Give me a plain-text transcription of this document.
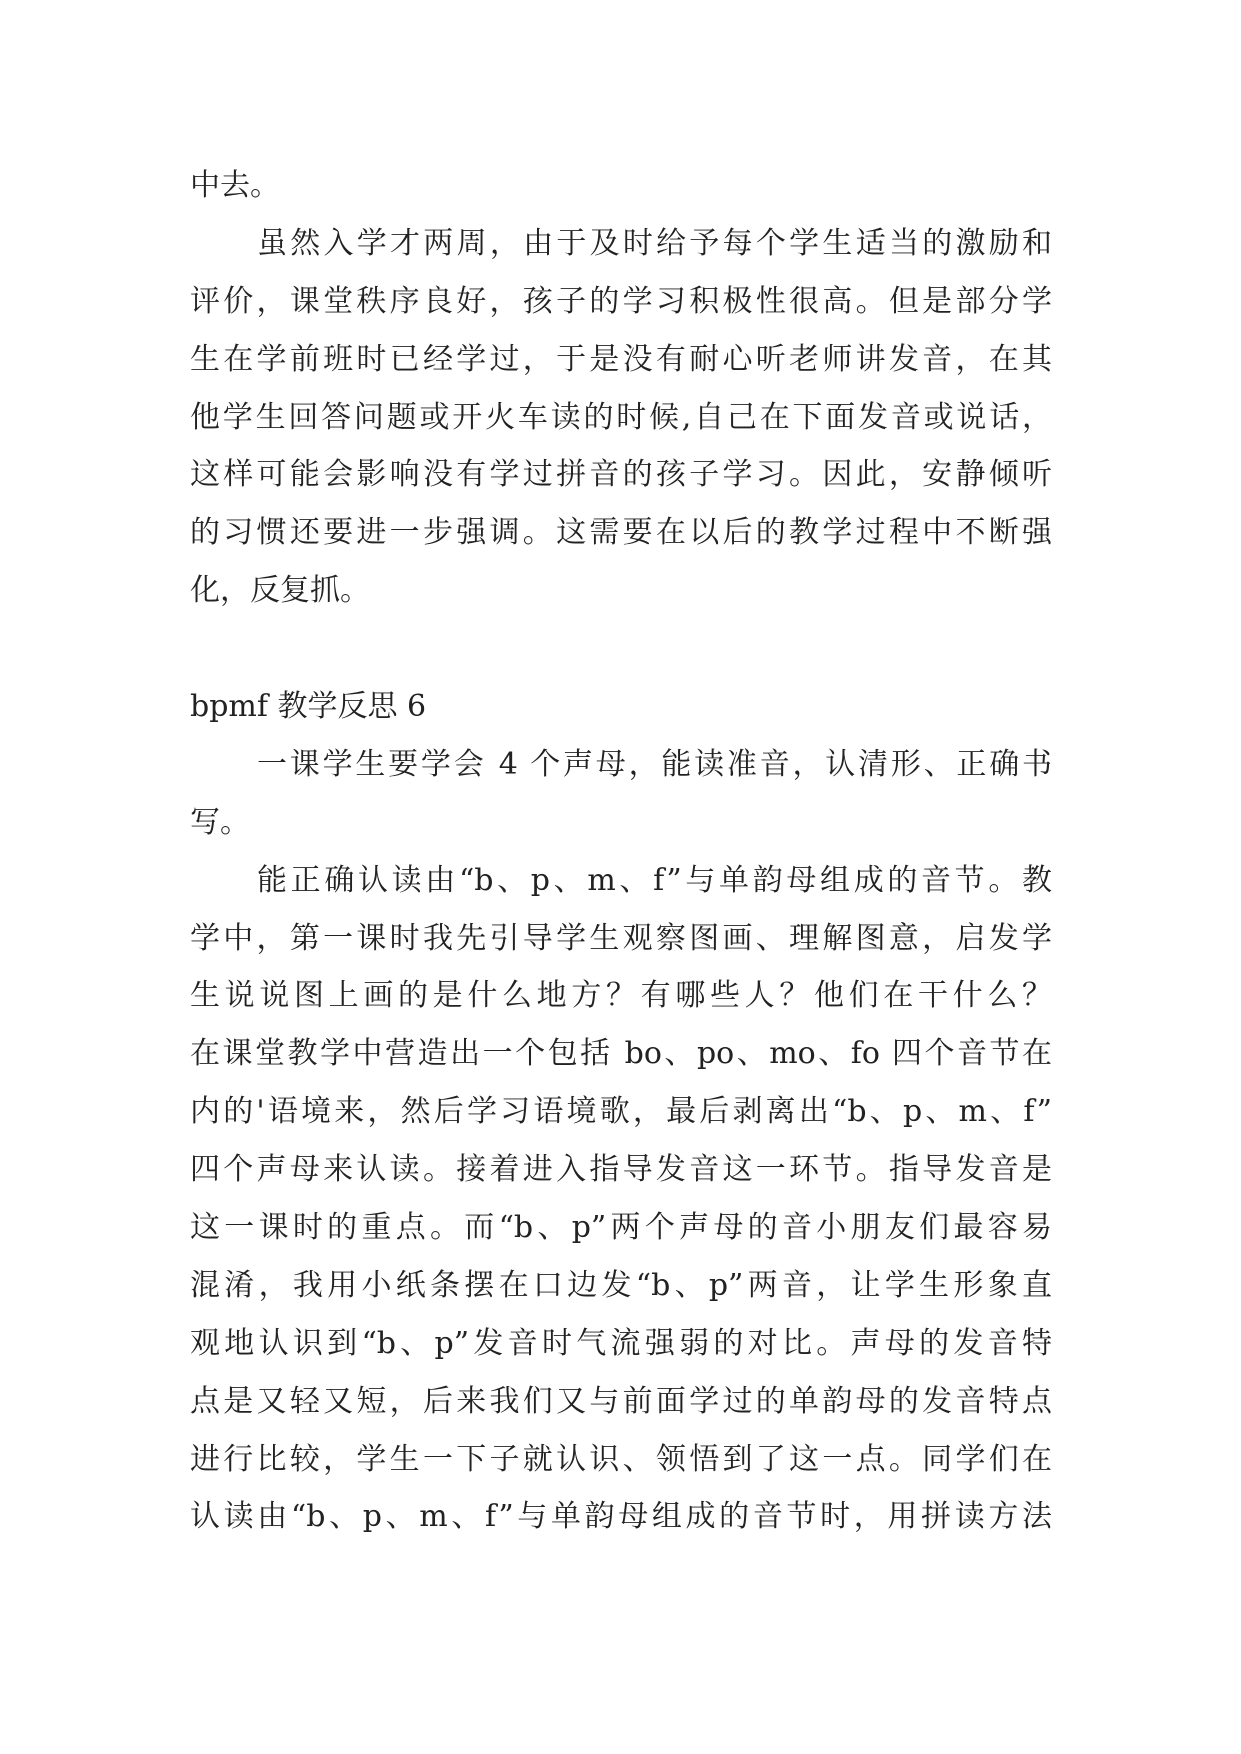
中去。
虽然入学才两周，由于及时给予每个学生适当的激励和
评价，课堂秩序良好，孩子的学习积极性很高。但是部分学
生在学前班时已经学过，于是没有耐心听老师讲发音，在其
他学生回答问题或开火车读的时候,自己在下面发音或说话，
这样可能会影响没有学过拼音的孩子学习。因此，安静倾听
的习惯还要进一步强调。这需要在以后的教学过程中不断强
化，反复抓。
bpmf 教学反思 6
一课学生要学会 4 个声母，能读准音，认清形、正确书
写。
能正确认读由“b、p、m、f”与单韵母组成的音节。教
学中，第一课时我先引导学生观察图画、理解图意，启发学
生说说图上画的是什么地方？有哪些人？他们在干什么？
在课堂教学中营造出一个包括 bo、po、mo、fo 四个音节在
内的'语境来，然后学习语境歌，最后剥离出“b、p、m、f”
四个声母来认读。接着进入指导发音这一环节。指导发音是
这一课时的重点。而“b、p”两个声母的音小朋友们最容易
混淆，我用小纸条摆在口边发“b、p”两音，让学生形象直
观地认识到“b、p”发音时气流强弱的对比。声母的发音特
点是又轻又短，后来我们又与前面学过的单韵母的发音特点
进行比较，学生一下子就认识、领悟到了这一点。同学们在
认读由“b、p、m、f”与单韵母组成的音节时，用拼读方法
